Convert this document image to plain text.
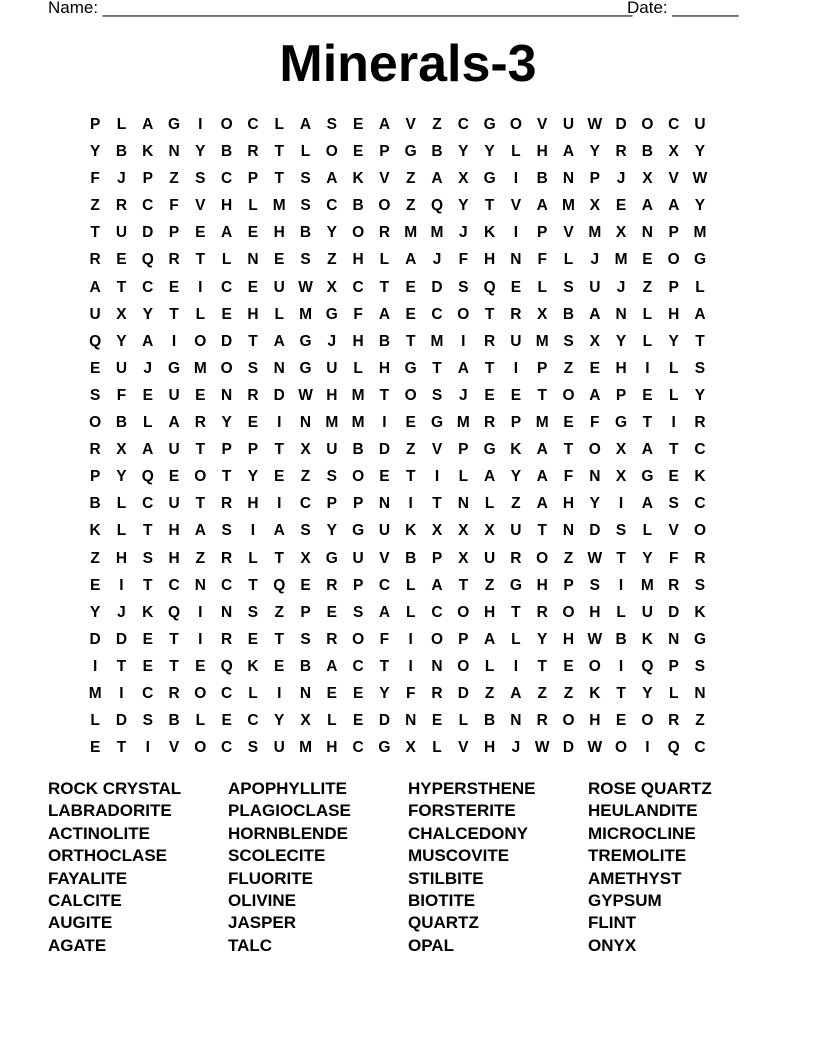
Name: ________________________________________________________
Date: _______
Minerals-3
P	L	A G	I	O C	L	A	S	E	A	V	Z	C G O V	U W D O C U
Y	B K N	Y	B R	T	L	O E	P G B	Y	Y	L	H A	Y	R B	X	Y
F	J	P	Z	S	C	P	T	S	A K	V	Z	A	X G	I	B N	P	J	X	V W
Z	R C	F	V	H	L M S	C B O	Z	Q Y	T	V	A M X	E	A A	Y
T	U D	P	E	A	E	H B	Y O R M M	J	K	I	P	V M X	N	P M
R	E Q R	T	L	N	E	S	Z	H	L	A	J	F	H N	F	L	J	M E O G
A	T	C	E	I	C	E	U W X	C	T	E	D	S Q E	L	S	U	J	Z	P	L
U	X	Y	T	L	E	H	L M G	F	A	E	C O	T	R	X	B A N	L	H A
Q Y	A	I	O D	T	A G	J	H B	T M	I	R U M S	X	Y	L	Y	T
E	U	J	G M O S	N G U	L	H G	T	A	T	I	P	Z	E	H	I	L	S
S	F	E	U	E	N R D W H M T	O S	J	E	E	T	O A	P	E	L	Y
O B	L	A R	Y	E	I	N M M	I	E G M R	P M E	F	G	T	I	R
R	X	A U	T	P	P	T	X	U B D	Z	V	P G K A	T	O X	A	T	C
P	Y Q E O	T	Y	E	Z	S O E	T	I	L	A	Y	A	F	N	X G E	K
B	L	C U	T	R H	I	C	P	P	N	I	T	N	L	Z	A H	Y	I	A	S	C
K	L	T	H A	S	I	A	S	Y G U K	X	X	X	U	T	N D	S	L	V O
Z	H	S	H	Z	R	L	T	X G U	V	B	P	X	U R O	Z W T	Y	F	R
E	I	T	C N C	T	Q E	R	P	C	L	A	T	Z	G H	P	S	I	M R	S
Y	J	K Q	I	N	S	Z	P	E	S	A	L	C O H	T	R O H	L	U D K
D D	E	T	I	R	E	T	S	R O	F	I	O P	A	L	Y	H W B K N G
I	T	E	T	E Q K	E	B A C	T	I	N O	L	I	T	E O	I	Q P	S
M	I	C R O C	L	I	N	E	E	Y	F	R D	Z	A	Z	Z	K	T	Y	L	N
L	D	S	B	L	E	C	Y	X	L	E	D N	E	L	B N R O H	E O R	Z
E	T	I	V O C	S	U M H C G X	L	V	H	J W D W O	I	Q C
ROCK CRYSTAL	APOPHYLLITE	HYPERSTHENE	ROSE QUARTZ
LABRADORITE	PLAGIOCLASE	FORSTERITE	HEULANDITE
ACTINOLITE	HORNBLENDE	CHALCEDONY	MICROCLINE
ORTHOCLASE	SCOLECITE	MUSCOVITE	TREMOLITE
FAYALITE	FLUORITE	STILBITE	AMETHYST
CALCITE	OLIVINE	BIOTITE	GYPSUM
AUGITE	JASPER	QUARTZ	FLINT
AGATE	TALC	OPAL	ONYX
